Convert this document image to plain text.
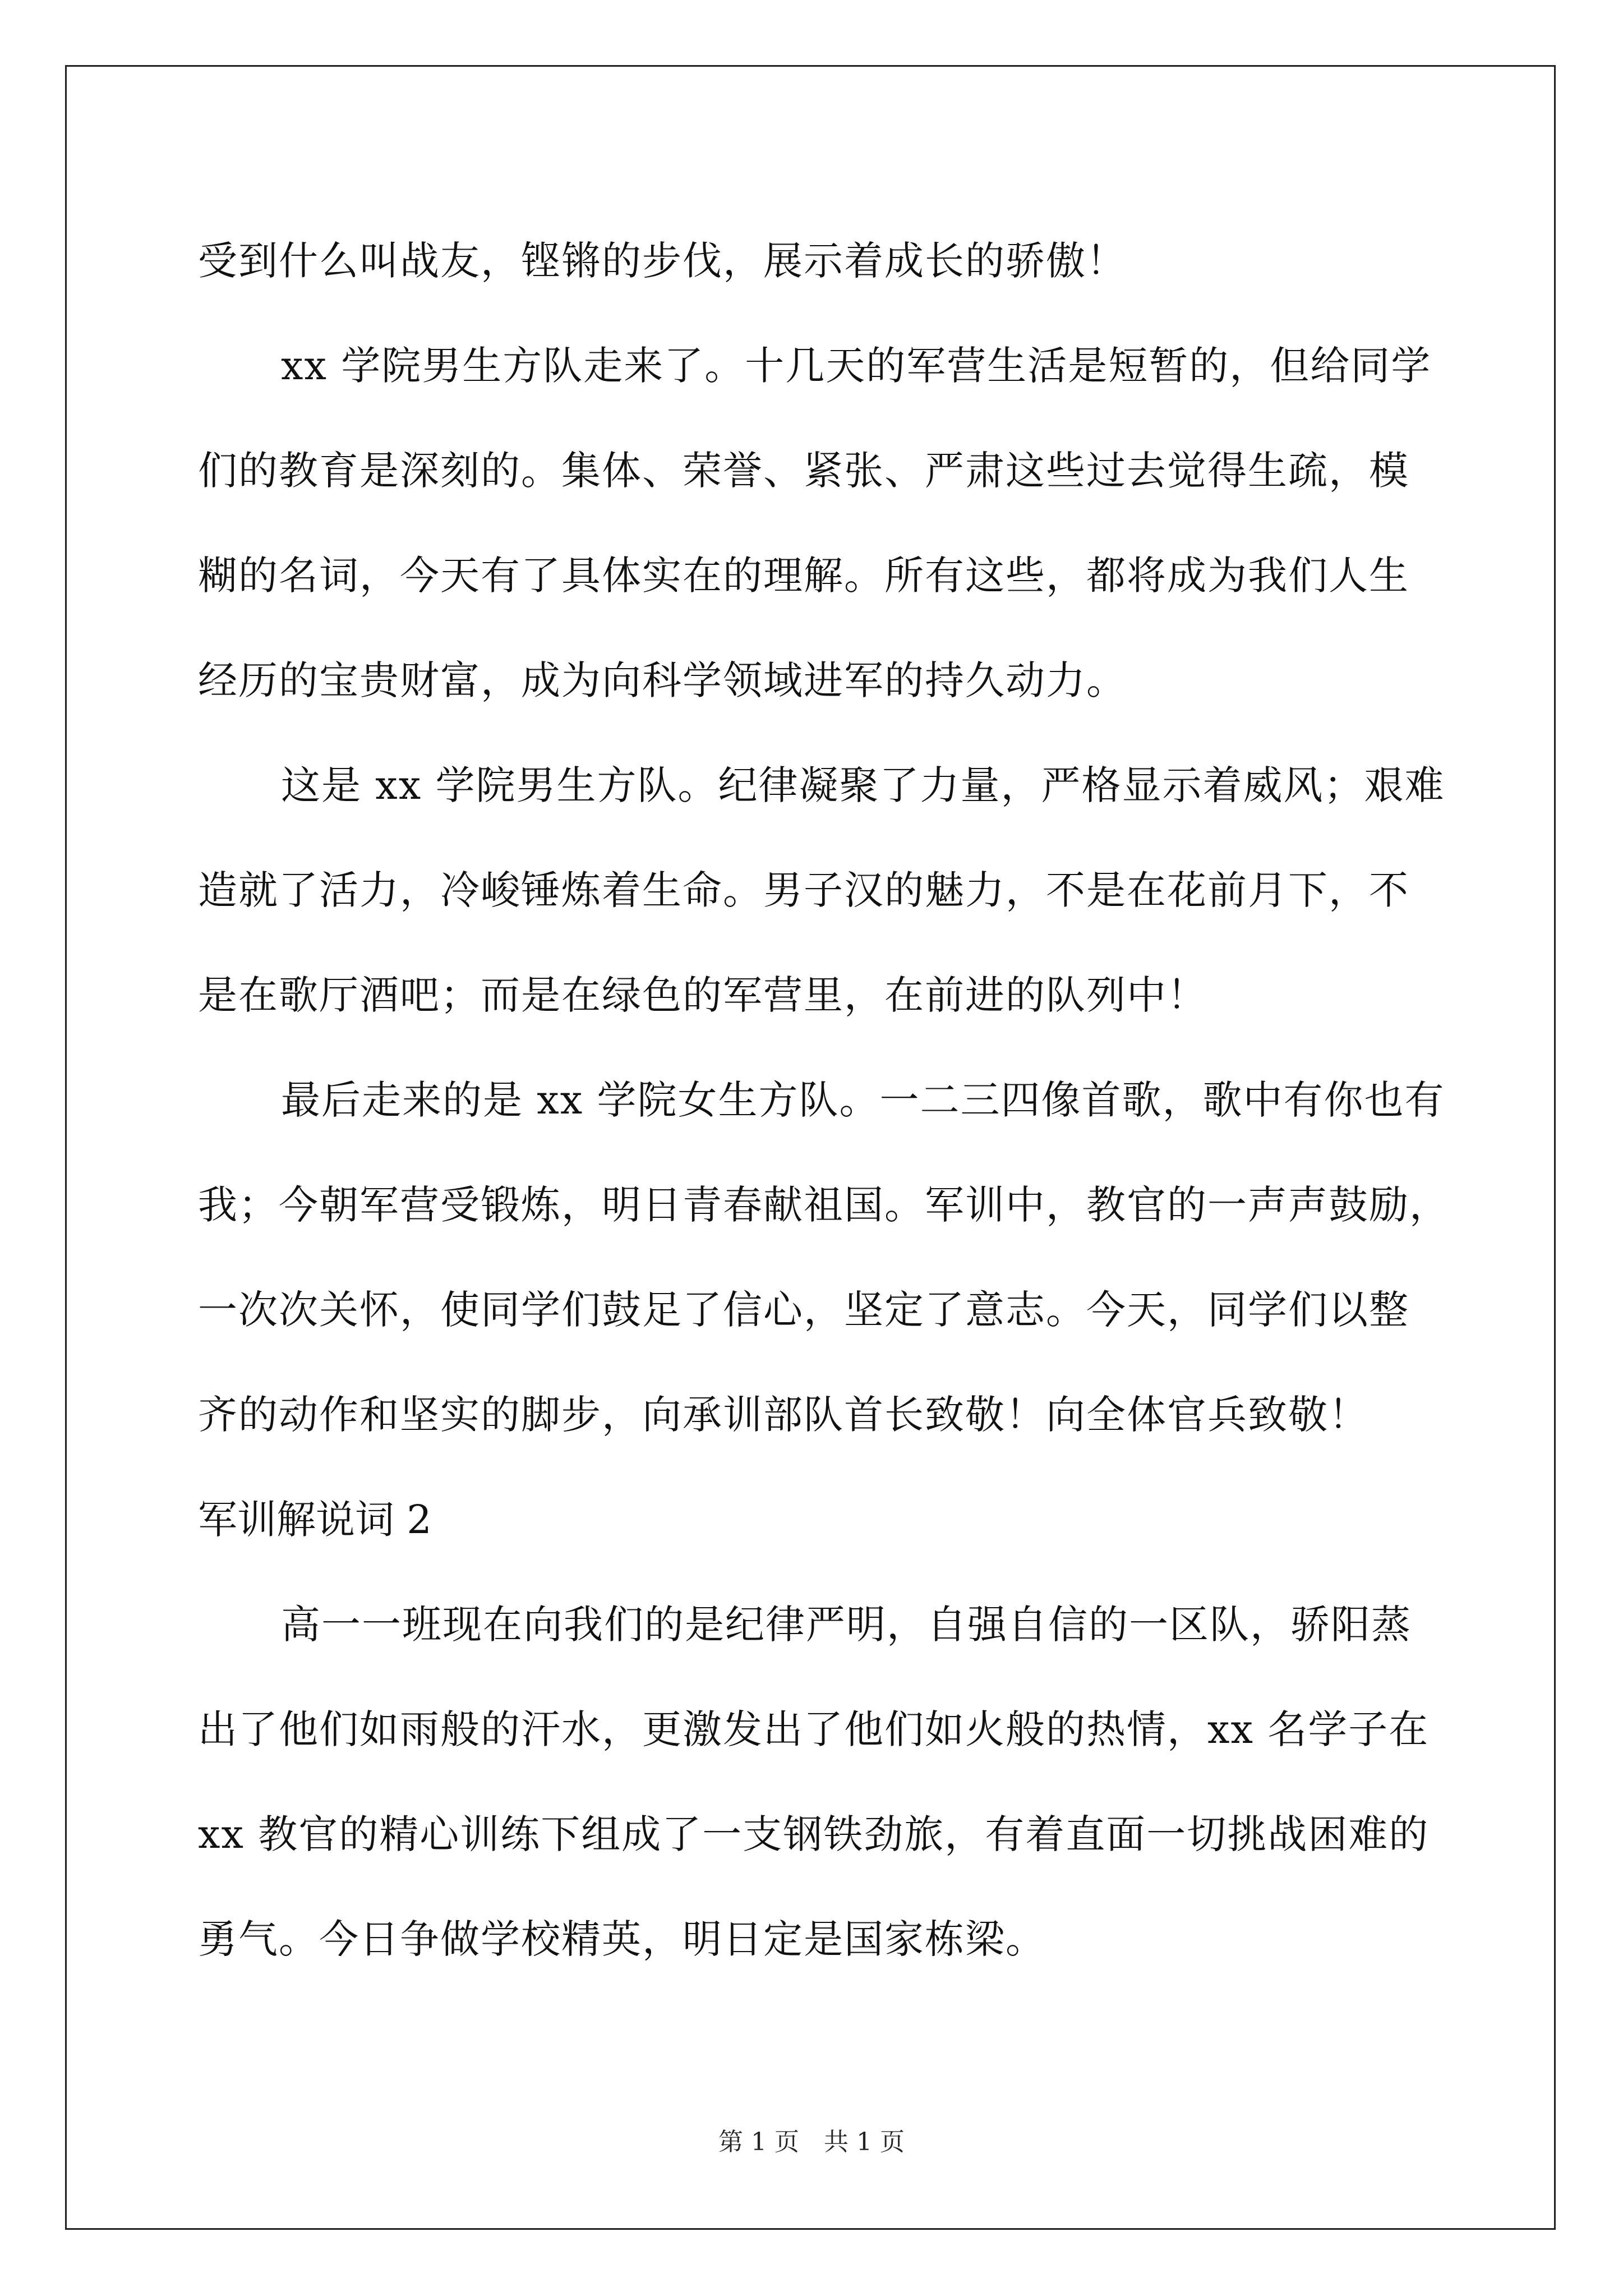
受到什么叫战友，铿锵的步伐，展示着成长的骄傲！
xx 学院男生方队走来了。十几天的军营生活是短暂的，但给同学
们的教育是深刻的。集体、荣誉、紧张、严肃这些过去觉得生疏，模
糊的名词，今天有了具体实在的理解。所有这些，都将成为我们人生
经历的宝贵财富，成为向科学领域进军的持久动力。
这是 xx 学院男生方队。纪律凝聚了力量，严格显示着威风；艰难
造就了活力，冷峻锤炼着生命。男子汉的魅力，不是在花前月下，不
是在歌厅酒吧；而是在绿色的军营里，在前进的队列中！
最后走来的是 xx 学院女生方队。一二三四像首歌，歌中有你也有
我；今朝军营受锻炼，明日青春献祖国。军训中，教官的一声声鼓励，
一次次关怀，使同学们鼓足了信心，坚定了意志。今天，同学们以整
齐的动作和坚实的脚步，向承训部队首长致敬！向全体官兵致敬！
军训解说词 2
高一一班现在向我们的是纪律严明，自强自信的一区队，骄阳蒸
出了他们如雨般的汗水，更激发出了他们如火般的热情，xx 名学子在
xx 教官的精心训练下组成了一支钢铁劲旅，有着直面一切挑战困难的
勇气。今日争做学校精英，明日定是国家栋梁。
第 1 页 共 1 页
